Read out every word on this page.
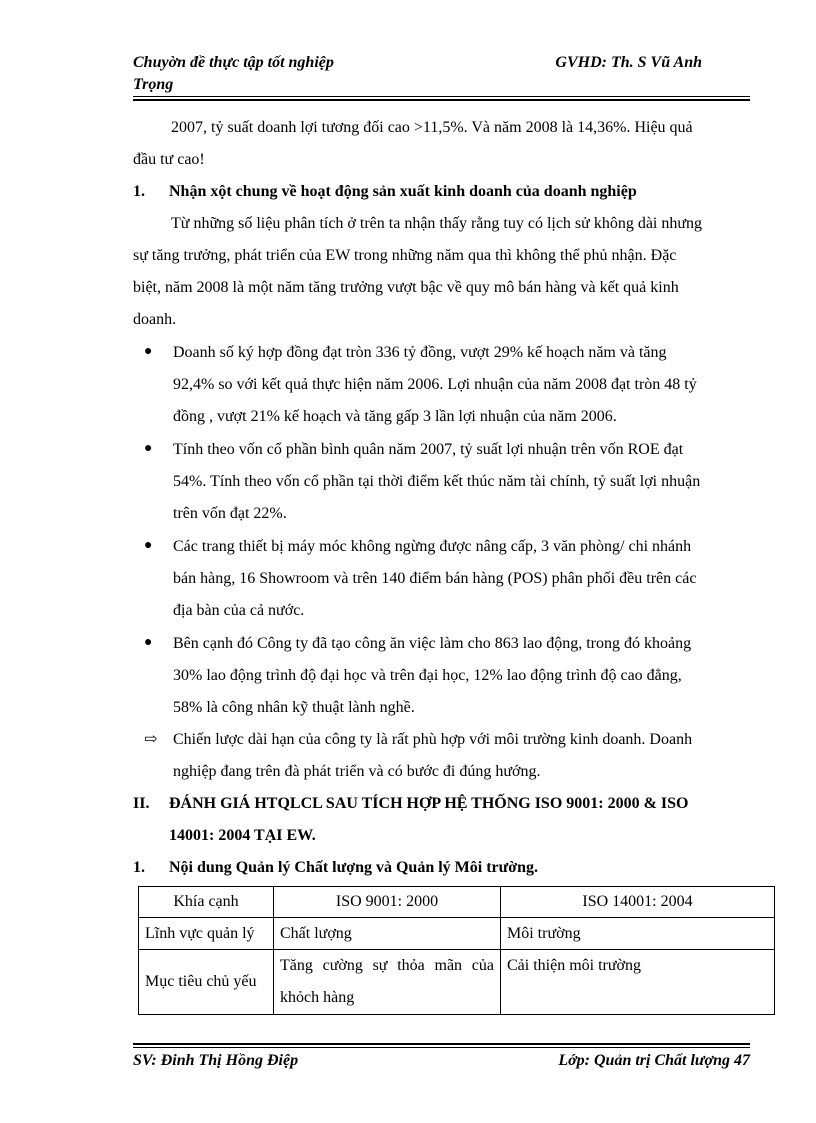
Chuyờn đề thực tập tốt nghiệp
Trọng
GVHD: Th. S Vũ Anh
2007, tỷ suất doanh lợi tương đối cao >11,5%. Và năm 2008 là 14,36%. Hiệu quả
đầu tư cao!
1. Nhận xột chung về hoạt động sản xuất kinh doanh của doanh nghiệp
Từ những số liệu phân tích ở trên ta nhận thấy rằng tuy có lịch sử không dài nhưng
sự tăng trưởng, phát triển của EW trong những năm qua thì không thể phủ nhận. Đặc
biệt, năm 2008 là một năm tăng trưởng vượt bậc về quy mô bán hàng và kết quả kinh
doanh.
● Doanh số ký hợp đồng đạt tròn 336 tỷ đồng, vượt 29% kế hoạch năm và tăng
92,4% so với kết quả thực hiện năm 2006. Lợi nhuận của năm 2008 đạt tròn 48 tỷ
đồng , vượt 21% kế hoạch và tăng gấp 3 lần lợi nhuận của năm 2006.
● Tính theo vốn cổ phần bình quân năm 2007, tỷ suất lợi nhuận trên vốn ROE đạt
54%. Tính theo vốn cổ phần tại thời điểm kết thúc năm tài chính, tỷ suất lợi nhuận
trên vốn đạt 22%.
● Các trang thiết bị máy móc không ngừng được nâng cấp, 3 văn phòng/ chi nhánh
bán hàng, 16 Showroom và trên 140 điểm bán hàng (POS) phân phối đều trên các
địa bàn của cả nước.
● Bên cạnh đó Công ty đã tạo công ăn việc làm cho 863 lao động, trong đó khoảng
30% lao động trình độ đại học và trên đại học, 12% lao động trình độ cao đẳng,
58% là công nhân kỹ thuật lành nghề.
⇨ Chiến lược dài hạn của công ty là rất phù hợp với môi trường kinh doanh. Doanh
nghiệp đang trên đà phát triển và có bước đi đúng hướng.
II. ĐÁNH GIÁ HTQLCL SAU TÍCH HỢP HỆ THỐNG ISO 9001: 2000 & ISO
14001: 2004 TẠI EW.
1. Nội dung Quản lý Chất lượng và Quản lý Môi trường.
Khía cạnh	ISO 9001: 2000	ISO 14001: 2004
Lĩnh vực quản lý	Chất lượng	Môi trường
Mục tiêu chủ yếu	Tăng cường sự thỏa mãn của
khỏch hàng	Cải thiện môi trường
SV: Đinh Thị Hồng Điệp	Lớp: Quản trị Chất lượng 47
